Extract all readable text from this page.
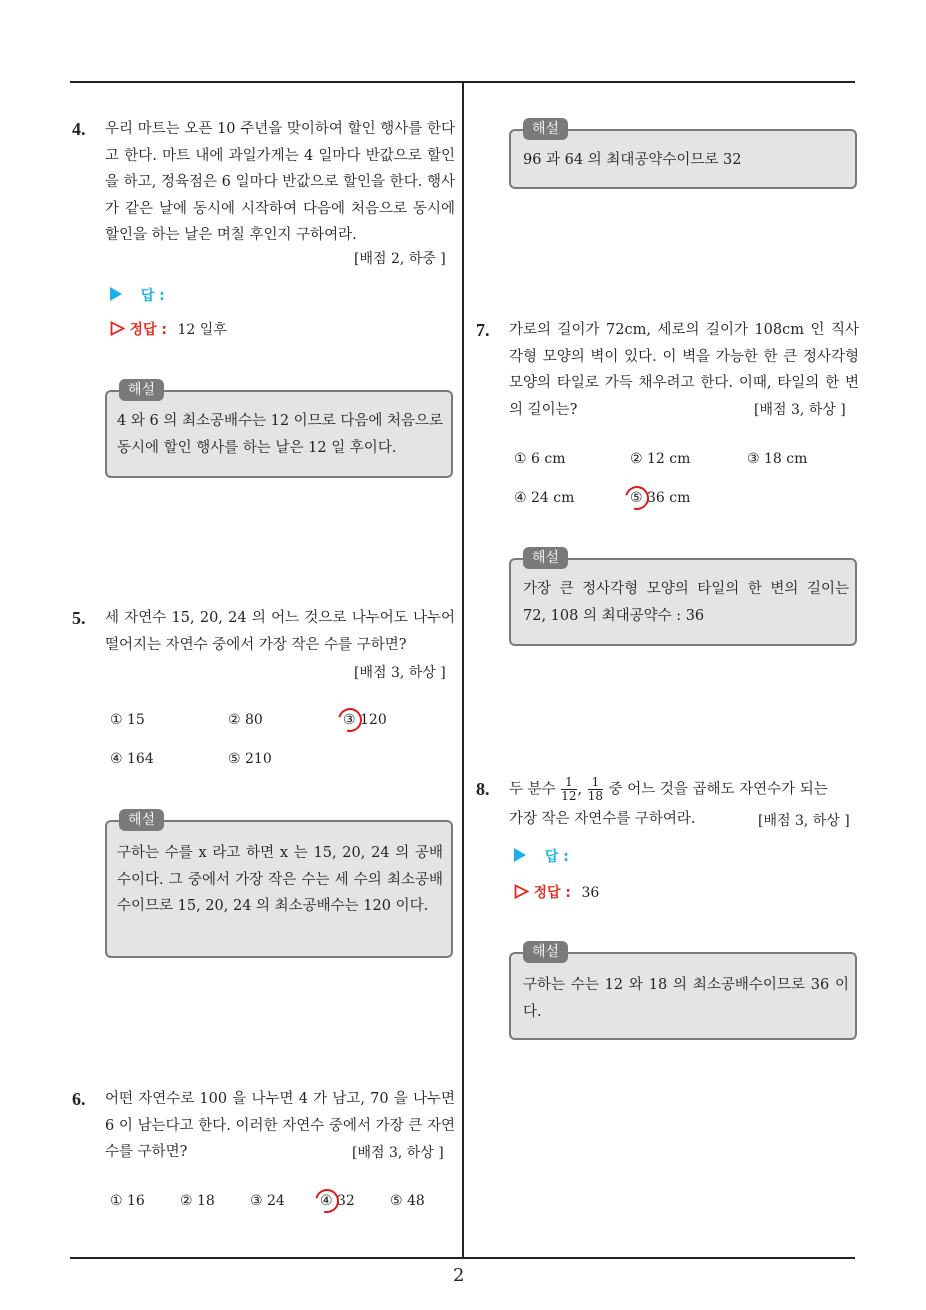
4. 우리 마트는 오픈 10 주년을 맞이하여 할인 행사를 한다고 한다. 마트 내에 과일가게는 4 일마다 반값으로 할인을 하고, 정육점은 6 일마다 반값으로 할인을 한다. 행사가 같은 날에 동시에 시작하여 다음에 처음으로 동시에 할인을 하는 날은 며칠 후인지 구하여라.
[배점 2, 하중 ]
답 :
정답 : 12 일후
해설
4 와 6 의 최소공배수는 12 이므로 다음에 처음으로 동시에 할인 행사를 하는 날은 12 일 후이다.
5. 세 자연수 15, 20, 24 의 어느 것으로 나누어도 나누어 떨어지는 자연수 중에서 가장 작은 수를 구하면?
[배점 3, 하상 ]
① 15	② 80	③ 120
④ 164	⑤ 210
해설
구하는 수를 x 라고 하면 x 는 15, 20, 24 의 공배수이다. 그 중에서 가장 작은 수는 세 수의 최소공배수이므로 15, 20, 24 의 최소공배수는 120 이다.
6. 어떤 자연수로 100 을 나누면 4 가 남고, 70 을 나누면 6 이 남는다고 한다. 이러한 자연수 중에서 가장 큰 자연수를 구하면?	[배점 3, 하상 ]
① 16	② 18	③ 24	④ 32	⑤ 48
해설
96 과 64 의 최대공약수이므로 32
7. 가로의 길이가 72cm, 세로의 길이가 108cm 인 직사각형 모양의 벽이 있다. 이 벽을 가능한 한 큰 정사각형 모양의 타일로 가득 채우려고 한다. 이때, 타일의 한 변의 길이는?	[배점 3, 하상 ]
① 6 cm	② 12 cm	③ 18 cm
④ 24 cm	⑤ 36 cm
해설
가장 큰 정사각형 모양의 타일의 한 변의 길이는 72, 108 의 최대공약수 : 36
8. 두 분수 $\frac{1}{12}$ , $\frac{1}{18}$ 중 어느 것을 곱해도 자연수가 되는
가장 작은 자연수를 구하여라.	[배점 3, 하상 ]
답 :
정답 : 36
해설
구하는 수는 12 와 18 의 최소공배수이므로 36 이다.
2
